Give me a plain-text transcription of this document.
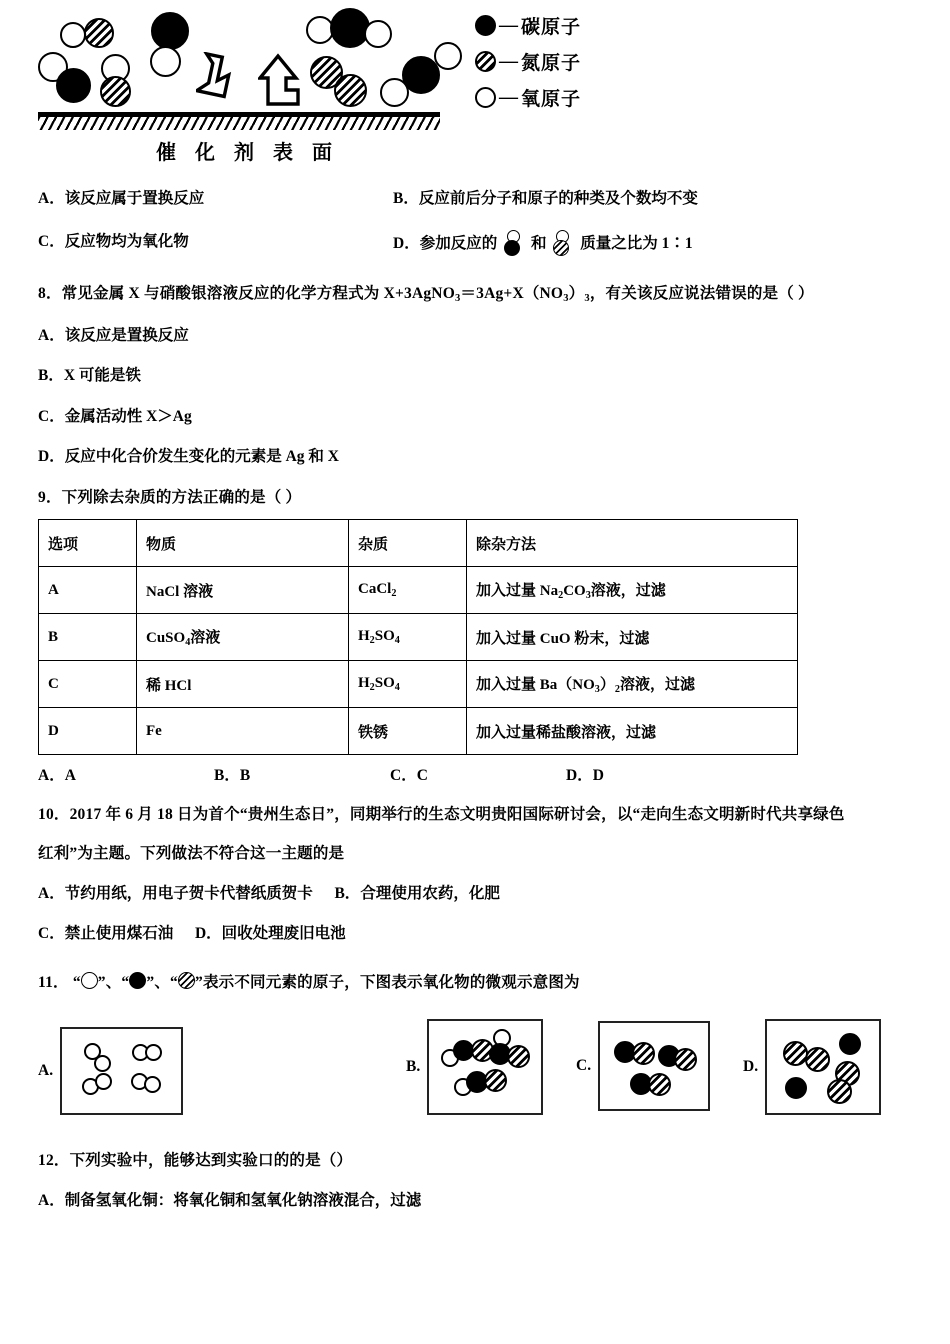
催 化 剂 表 面
— 碳原子
— 氮原子
— 氧原子
A．该反应属于置换反应	B．反应前后分子和原子的种类及个数均不变
C．反应物均为氧化物	D．参加反应的 和 质量之比为 1∶1
8．常见金属 X 与硝酸银溶液反应的化学方程式为 $X+3AgNO_3=3Ag+X(NO_3)_3$，有关该反应说法错误的是（ ）
A．该反应是置换反应
B．X 可能是铁
C．金属活动性 X＞Ag
D．反应中化合价发生变化的元素是 Ag 和 X
9．下列除去杂质的方法正确的是（ ）
选项	物质	杂质	除杂方法
A	NaCl 溶液	CaCl$_2$	加入过量 $Na_2CO_3$溶液，过滤
B	CuSO$_4$溶液	$H_2SO_4$	加入过量 CuO 粉末，过滤
C	稀 HCl	$H_2SO_4$	加入过量 $Ba(NO_3)_2$溶液，过滤
D	Fe	铁锈	加入过量稀盐酸溶液，过滤
A．A	B．B	C．C	D．D
10．2017 年 6 月 18 日为首个“贵州生态日”，同期举行的生态文明贵阳国际研讨会，以“走向生态文明新时代共享绿色
红利”为主题。下列做法不符合这一主题的是
A．节约用纸，用电子贺卡代替纸质贺卡 B．合理使用农药，化肥
C．禁止使用煤石油 D．回收处理废旧电池
11． “ ”、“ ”、“ ”表示不同元素的原子，下图表示氧化物的微观示意图为
A.	B.	C.	D.
12．下列实验中，能够达到实验口的的是（）
A．制备氢氧化铜：将氧化铜和氢氧化钠溶液混合，过滤
